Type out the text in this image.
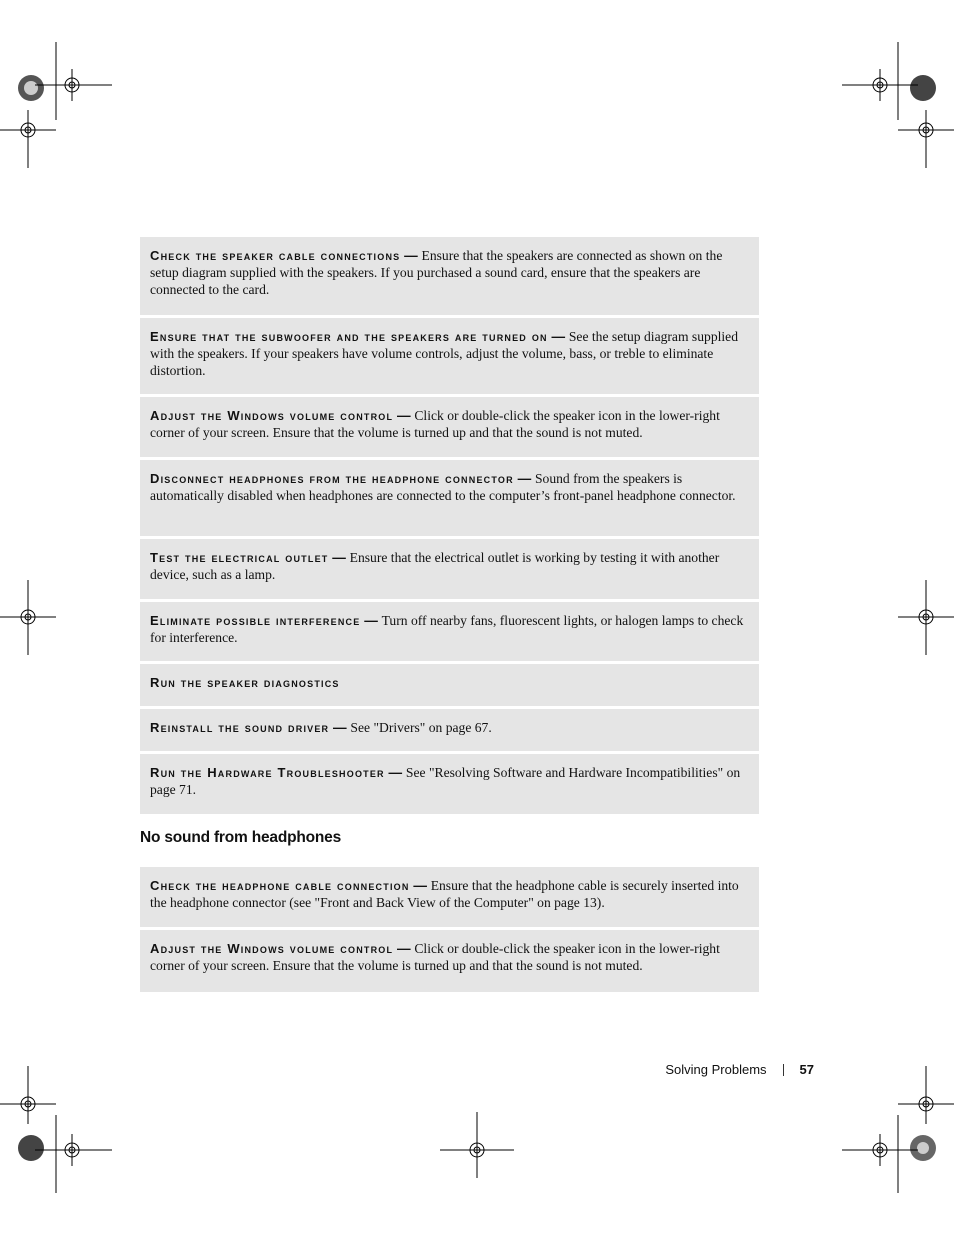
Check the speaker cable connections — Ensure that the speakers are connected as shown on the setup diagram supplied with the speakers. If you purchased a sound card, ensure that the speakers are connected to the card.
Ensure that the subwoofer and the speakers are turned on — See the setup diagram supplied with the speakers. If your speakers have volume controls, adjust the volume, bass, or treble to eliminate distortion.
Adjust the Windows volume control — Click or double-click the speaker icon in the lower-right corner of your screen. Ensure that the volume is turned up and that the sound is not muted.
Disconnect headphones from the headphone connector — Sound from the speakers is automatically disabled when headphones are connected to the computer’s front-panel headphone connector.
Test the electrical outlet — Ensure that the electrical outlet is working by testing it with another device, such as a lamp.
Eliminate possible interference — Turn off nearby fans, fluorescent lights, or halogen lamps to check for interference.
Run the speaker diagnostics
Reinstall the sound driver — See "Drivers" on page 67.
Run the Hardware Troubleshooter — See "Resolving Software and Hardware Incompatibilities" on page 71.
No sound from headphones
Check the headphone cable connection — Ensure that the headphone cable is securely inserted into the headphone connector (see "Front and Back View of the Computer" on page 13).
Adjust the Windows volume control — Click or double-click the speaker icon in the lower-right corner of your screen. Ensure that the volume is turned up and that the sound is not muted.
Solving Problems	57
